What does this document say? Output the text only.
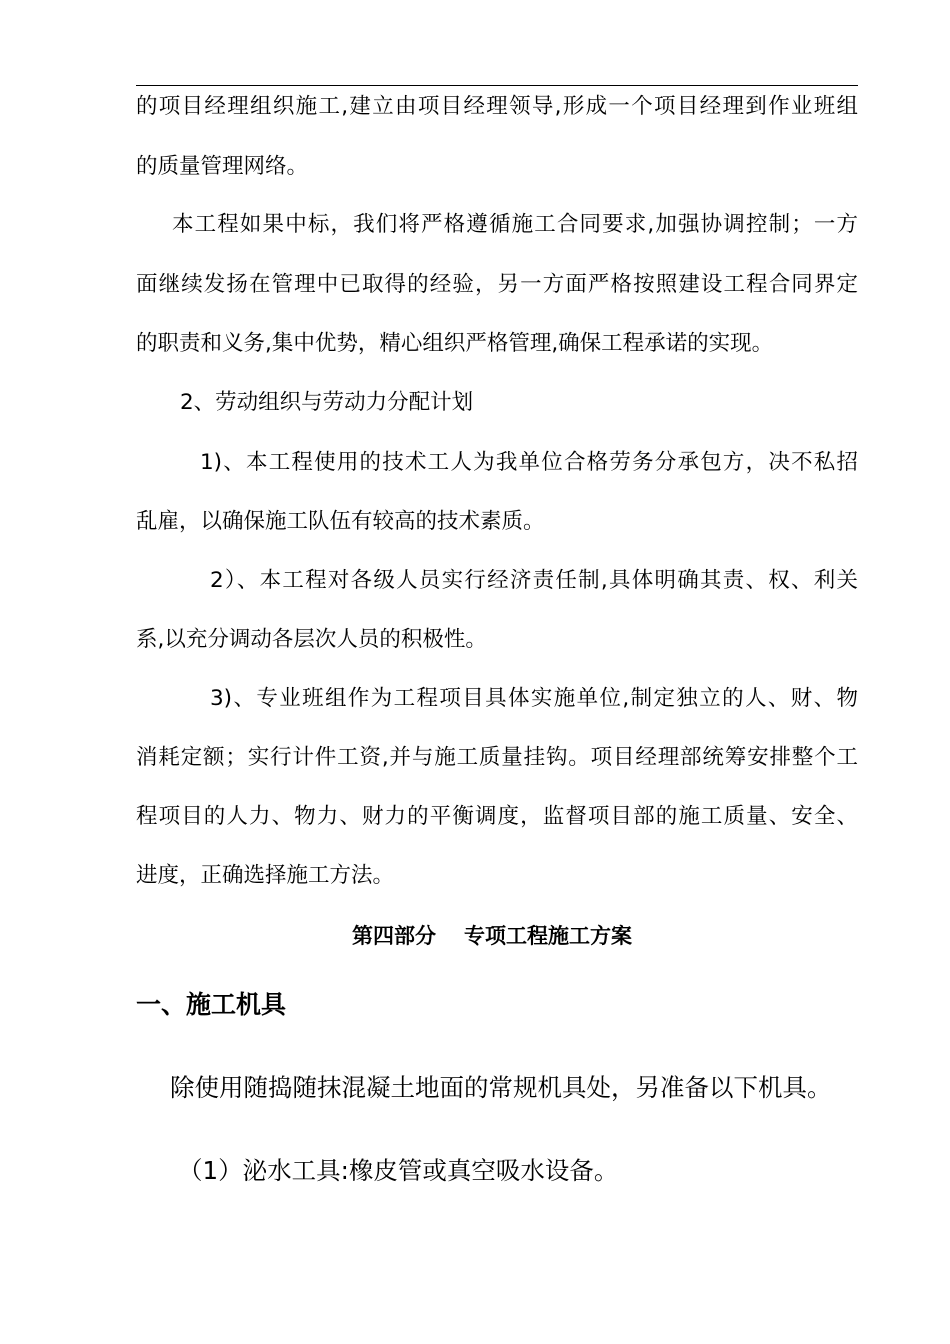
的项目经理组织施工,建立由项目经理领导,形成一个项目经理到作业班组
的质量管理网络。
本工程如果中标，我们将严格遵循施工合同要求,加强协调控制；一方
面继续发扬在管理中已取得的经验，另一方面严格按照建设工程合同界定
的职责和义务,集中优势，精心组织严格管理,确保工程承诺的实现。
2、劳动组织与劳动力分配计划
1)、本工程使用的技术工人为我单位合格劳务分承包方，决不私招
乱雇，以确保施工队伍有较高的技术素质。
2）、本工程对各级人员实行经济责任制,具体明确其责、权、利关
系,以充分调动各层次人员的积极性。
3)、专业班组作为工程项目具体实施单位,制定独立的人、财、物
消耗定额；实行计件工资,并与施工质量挂钩。项目经理部统筹安排整个工
程项目的人力、物力、财力的平衡调度，监督项目部的施工质量、安全、
进度，正确选择施工方法。
第四部分 专项工程施工方案
一、施工机具
除使用随捣随抹混凝土地面的常规机具处，另准备以下机具。
（1）泌水工具:橡皮管或真空吸水设备。
